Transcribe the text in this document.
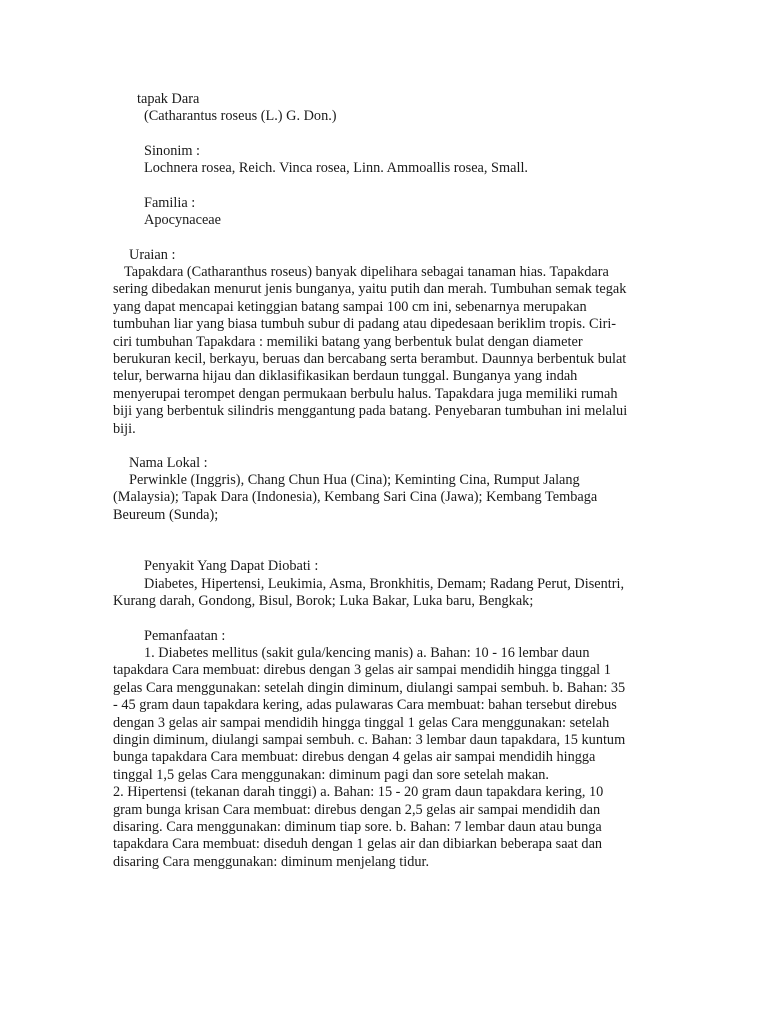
tapak Dara

(Catharantus roseus (L.) G. Don.)

Sinonim :
Lochnera rosea, Reich. Vinca rosea, Linn. Ammoallis rosea, Small.

Familia :
Apocynaceae

Uraian :

Tapakdara (Catharanthus roseus) banyak dipelihara sebagai tanaman hias. Tapakdara
sering dibedakan menurut jenis bunganya, yaitu putih dan merah. Tumbuhan semak tegak
yang dapat mencapai ketinggian batang sampai 100 cm ini, sebenarnya merupakan
tumbuhan liar yang biasa tumbuh subur di padang atau dipedesaan beriklim tropis. Ciri-
ciri tumbuhan Tapakdara : memiliki batang yang berbentuk bulat dengan diameter
berukuran kecil, berkayu, beruas dan bercabang serta berambut. Daunnya berbentuk bulat
telur, berwarna hijau dan diklasifikasikan berdaun tunggal. Bunganya yang indah
menyerupai terompet dengan permukaan berbulu halus. Tapakdara juga memiliki rumah
biji yang berbentuk silindris menggantung pada batang. Penyebaran tumbuhan ini melalui
biji.

Nama Lokal :

Perwinkle (Inggris), Chang Chun Hua (Cina); Keminting Cina, Rumput Jalang
(Malaysia); Tapak Dara (Indonesia), Kembang Sari Cina (Jawa); Kembang Tembaga
Beureum (Sunda);

Penyakit Yang Dapat Diobati :

Diabetes, Hipertensi, Leukimia, Asma, Bronkhitis, Demam; Radang Perut, Disentri,
Kurang darah, Gondong, Bisul, Borok; Luka Bakar, Luka baru, Bengkak;

Pemanfaatan :

1. Diabetes mellitus (sakit gula/kencing manis) a. Bahan: 10 - 16 lembar daun
tapakdara Cara membuat: direbus dengan 3 gelas air sampai mendidih hingga tinggal 1
gelas Cara menggunakan: setelah dingin diminum, diulangi sampai sembuh. b. Bahan: 35
- 45 gram daun tapakdara kering, adas pulawaras Cara membuat: bahan tersebut direbus
dengan 3 gelas air sampai mendidih hingga tinggal 1 gelas Cara menggunakan: setelah
dingin diminum, diulangi sampai sembuh. c. Bahan: 3 lembar daun tapakdara, 15 kuntum
bunga tapakdara Cara membuat: direbus dengan 4 gelas air sampai mendidih hingga
tinggal 1,5 gelas Cara menggunakan: diminum pagi dan sore setelah makan.
2. Hipertensi (tekanan darah tinggi) a. Bahan: 15 - 20 gram daun tapakdara kering, 10
gram bunga krisan Cara membuat: direbus dengan 2,5 gelas air sampai mendidih dan
disaring. Cara menggunakan: diminum tiap sore. b. Bahan: 7 lembar daun atau bunga
tapakdara Cara membuat: diseduh dengan 1 gelas air dan dibiarkan beberapa saat dan
disaring Cara menggunakan: diminum menjelang tidur.
